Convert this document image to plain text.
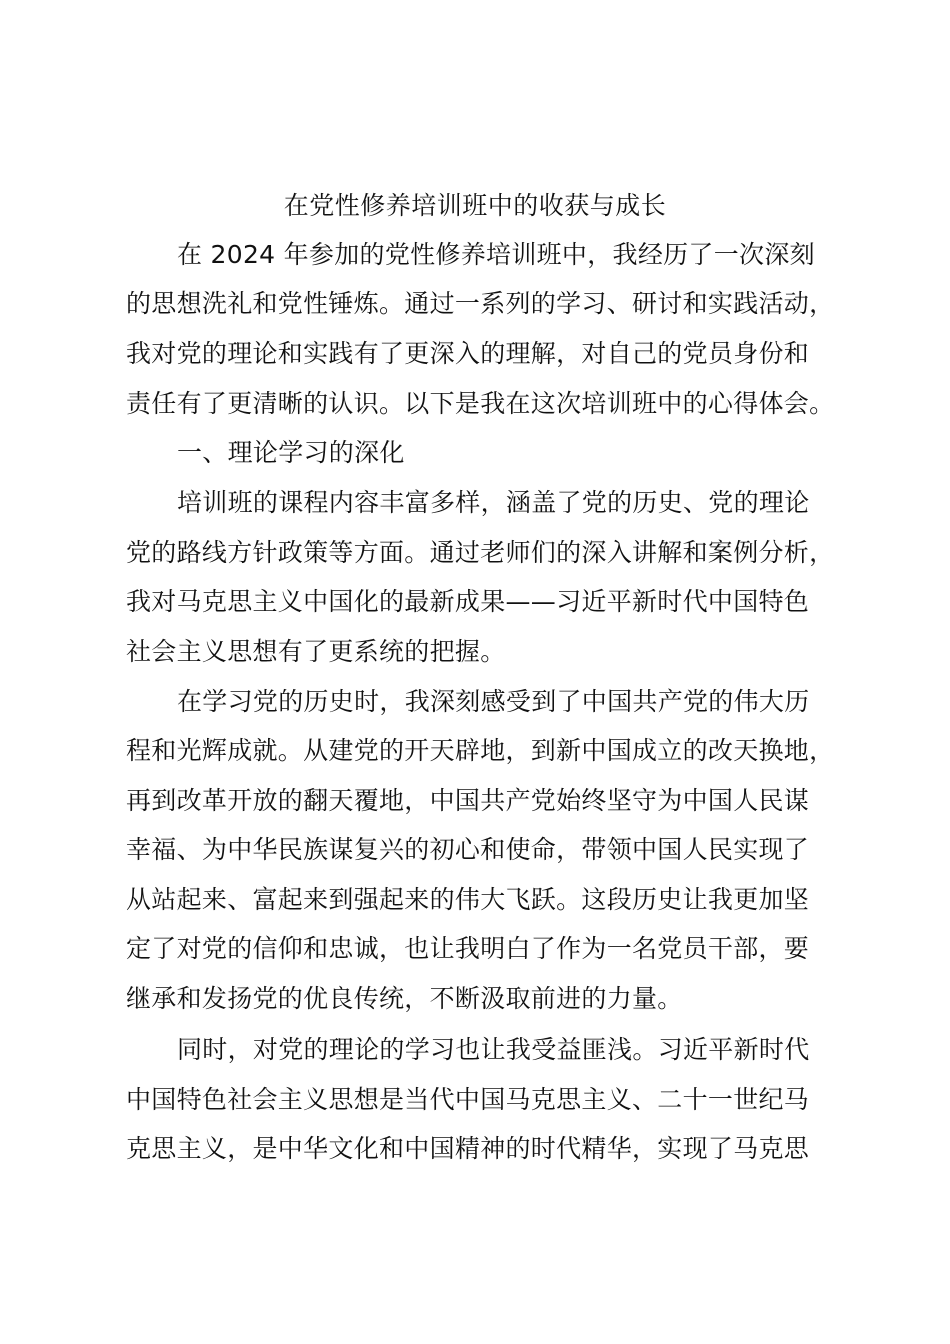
在党性修养培训班中的收获与成长

在 2024 年参加的党性修养培训班中，我经历了一次深刻

的思想洗礼和党性锤炼。通过一系列的学习、研讨和实践活动，

我对党的理论和实践有了更深入的理解，对自己的党员身份和

责任有了更清晰的认识。以下是我在这次培训班中的心得体会。

一、理论学习的深化

培训班的课程内容丰富多样，涵盖了党的历史、党的理论

党的路线方针政策等方面。通过老师们的深入讲解和案例分析，

我对马克思主义中国化的最新成果——习近平新时代中国特色

社会主义思想有了更系统的把握。

在学习党的历史时，我深刻感受到了中国共产党的伟大历

程和光辉成就。从建党的开天辟地，到新中国成立的改天换地，

再到改革开放的翻天覆地，中国共产党始终坚守为中国人民谋

幸福、为中华民族谋复兴的初心和使命，带领中国人民实现了

从站起来、富起来到强起来的伟大飞跃。这段历史让我更加坚

定了对党的信仰和忠诚，也让我明白了作为一名党员干部，要

继承和发扬党的优良传统，不断汲取前进的力量。

同时，对党的理论的学习也让我受益匪浅。习近平新时代

中国特色社会主义思想是当代中国马克思主义、二十一世纪马

克思主义，是中华文化和中国精神的时代精华，实现了马克思
